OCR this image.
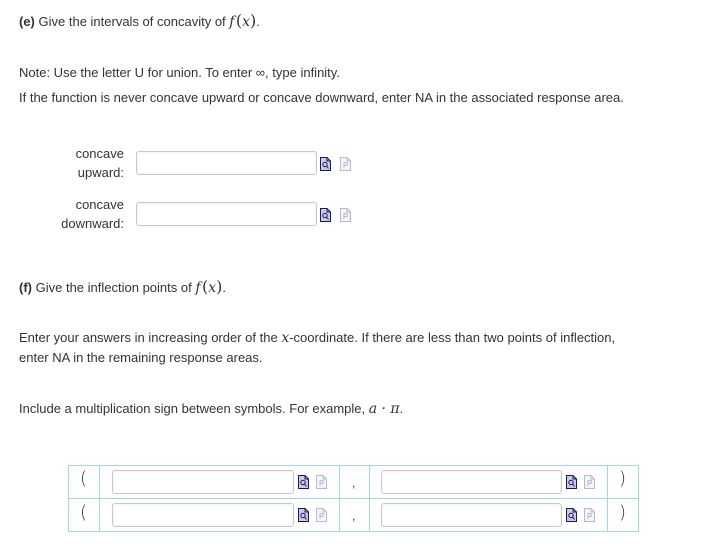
(e) Give the intervals of concavity of f (x).
Note: Use the letter U for union. To enter ∞, type infinity.
If the function is never concave upward or concave downward, enter NA in the associated response area.
concave
upward:
concave
downward:
(f) Give the inflection points of f (x).
Enter your answers in increasing order of the x-coordinate. If there are less than two points of inflection,
enter NA in the remaining response areas.
Include a multiplication sign between symbols. For example, a · π.
(	,	)
(	,	)
